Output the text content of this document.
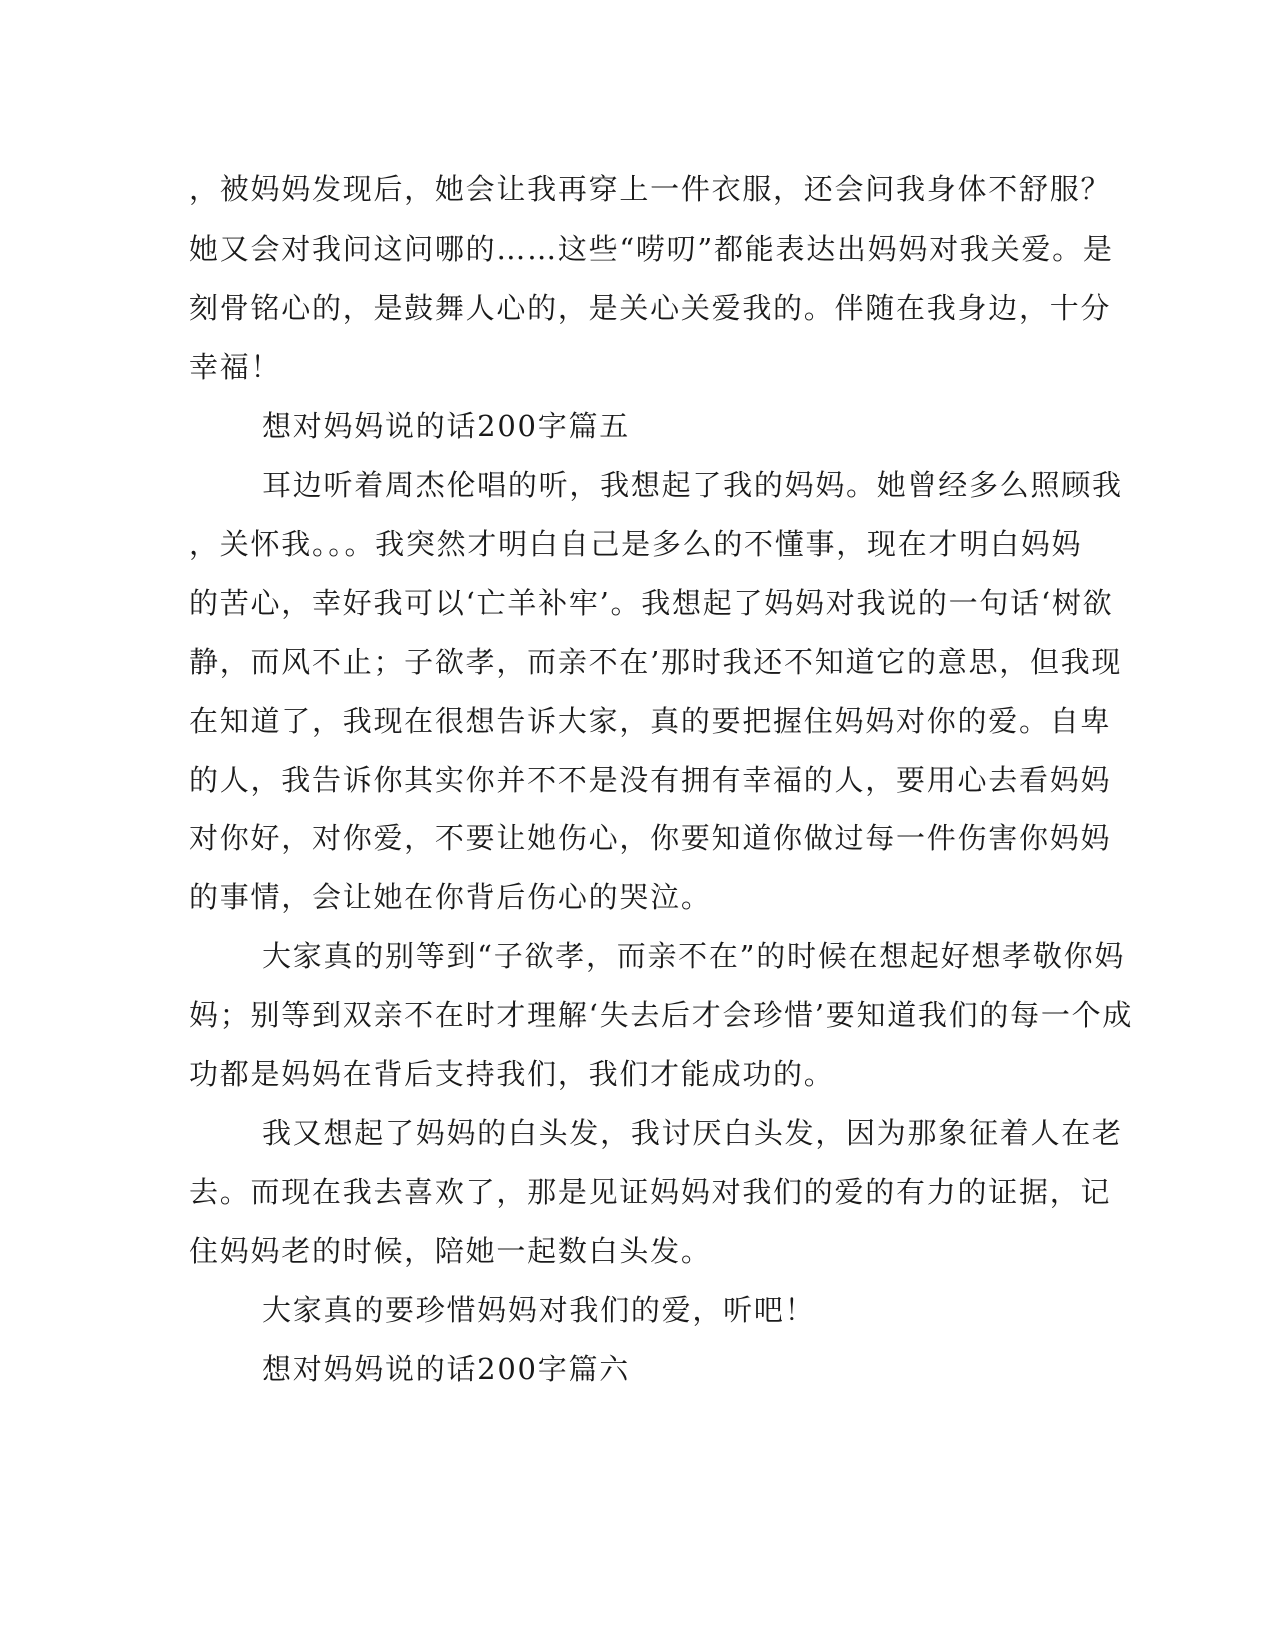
，被妈妈发现后，她会让我再穿上一件衣服，还会问我身体不舒服？
她又会对我问这问哪的……这些“唠叨”都能表达出妈妈对我关爱。是
刻骨铭心的，是鼓舞人心的，是关心关爱我的。伴随在我身边，十分
幸福！
想对妈妈说的话200字篇五
耳边听着周杰伦唱的听，我想起了我的妈妈。她曾经多么照顾我
，关怀我。。。我突然才明白自己是多么的不懂事，现在才明白妈妈
的苦心，幸好我可以‘亡羊补牢’。我想起了妈妈对我说的一句话‘树欲
静，而风不止；子欲孝，而亲不在’那时我还不知道它的意思，但我现
在知道了，我现在很想告诉大家，真的要把握住妈妈对你的爱。自卑
的人，我告诉你其实你并不不是没有拥有幸福的人，要用心去看妈妈
对你好，对你爱，不要让她伤心，你要知道你做过每一件伤害你妈妈
的事情，会让她在你背后伤心的哭泣。
大家真的别等到“子欲孝，而亲不在”的时候在想起好想孝敬你妈
妈；别等到双亲不在时才理解‘失去后才会珍惜’要知道我们的每一个成
功都是妈妈在背后支持我们，我们才能成功的。
我又想起了妈妈的白头发，我讨厌白头发，因为那象征着人在老
去。而现在我去喜欢了，那是见证妈妈对我们的爱的有力的证据，记
住妈妈老的时候，陪她一起数白头发。
大家真的要珍惜妈妈对我们的爱，听吧！
想对妈妈说的话200字篇六
